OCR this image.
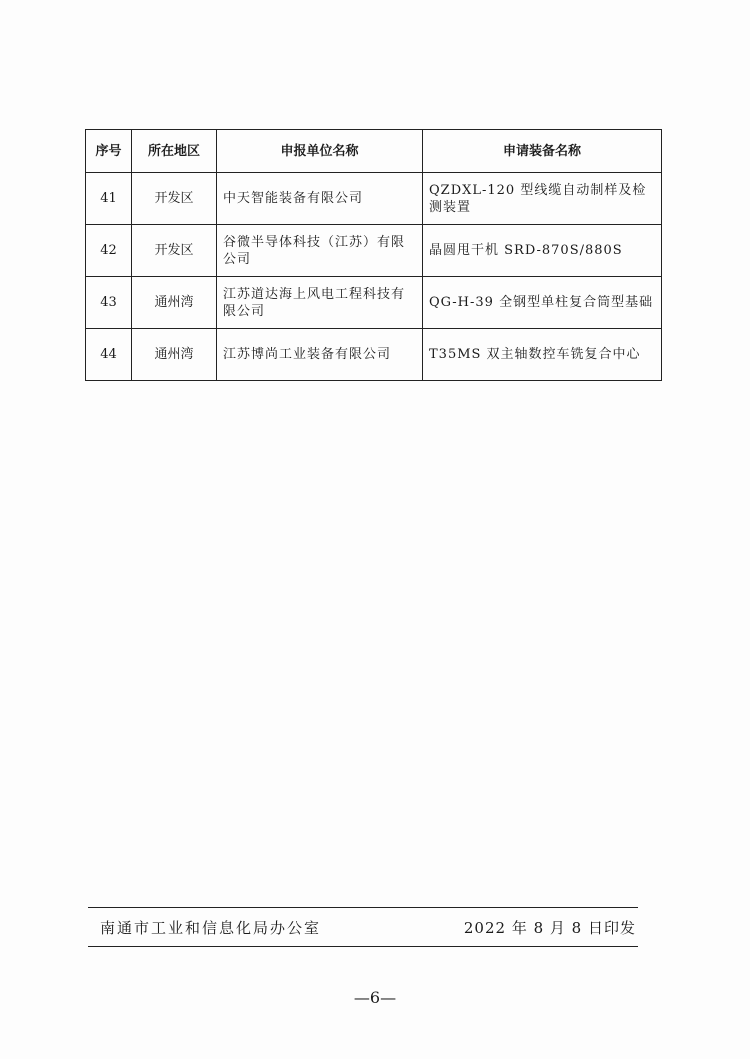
序号	所在地区	申报单位名称	申请装备名称
41	开发区	中天智能装备有限公司	QZDXL-120 型线缆自动制样及检测装置
42	开发区	谷微半导体科技（江苏）有限公司	晶圆甩干机 SRD-870S/880S
43	通州湾	江苏道达海上风电工程科技有限公司	QG-H-39 全钢型单柱复合筒型基础
44	通州湾	江苏博尚工业装备有限公司	T35MS 双主轴数控车铣复合中心
南通市工业和信息化局办公室	2022 年 8 月 8 日印发
—6—
